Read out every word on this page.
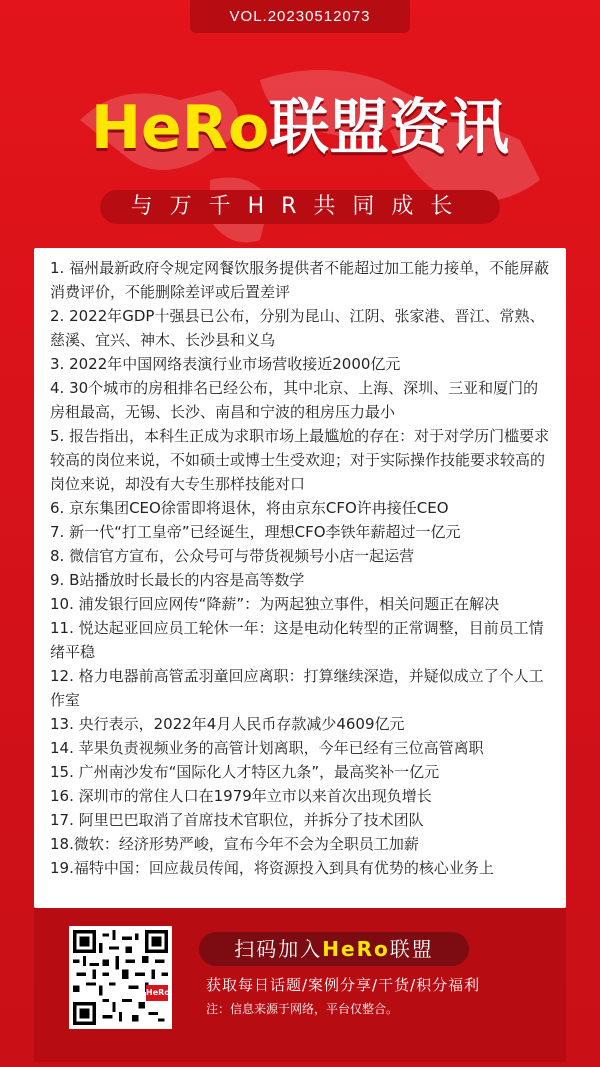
VOL.20230512073
HeRo联盟资讯
与万千HR共同成长
1. 福州最新政府令规定网餐饮服务提供者不能超过加工能力接单，不能屏蔽消费评价，不能删除差评或后置差评
2. 2022年GDP十强县已公布，分别为昆山、江阴、张家港、晋江、常熟、慈溪、宜兴、神木、长沙县和义乌
3. 2022年中国网络表演行业市场营收接近2000亿元
4. 30个城市的房租排名已经公布，其中北京、上海、深圳、三亚和厦门的房租最高，无锡、长沙、南昌和宁波的租房压力最小
5. 报告指出，本科生正成为求职市场上最尴尬的存在：对于对学历门槛要求较高的岗位来说，不如硕士或博士生受欢迎；对于实际操作技能要求较高的岗位来说，却没有大专生那样技能对口
6. 京东集团CEO徐雷即将退休，将由京东CFO许冉接任CEO
7. 新一代“打工皇帝”已经诞生，理想CFO李铁年薪超过一亿元
8. 微信官方宣布，公众号可与带货视频号小店一起运营
9. B站播放时长最长的内容是高等数学
10. 浦发银行回应网传“降薪”：为两起独立事件，相关问题正在解决
11. 悦达起亚回应员工轮休一年：这是电动化转型的正常调整，目前员工情绪平稳
12. 格力电器前高管孟羽童回应离职：打算继续深造，并疑似成立了个人工作室
13. 央行表示，2022年4月人民币存款减少4609亿元
14. 苹果负责视频业务的高管计划离职，今年已经有三位高管离职
15. 广州南沙发布“国际化人才特区九条”，最高奖补一亿元
16. 深圳市的常住人口在1979年立市以来首次出现负增长
17. 阿里巴巴取消了首席技术官职位，并拆分了技术团队
18.微软：经济形势严峻，宣布今年不会为全职员工加薪
19.福特中国：回应裁员传闻，将资源投入到具有优势的核心业务上
HeRo
扫码加入HeRo联盟
获取每日话题/案例分享/干货/积分福利
注：信息来源于网络，平台仅整合。
